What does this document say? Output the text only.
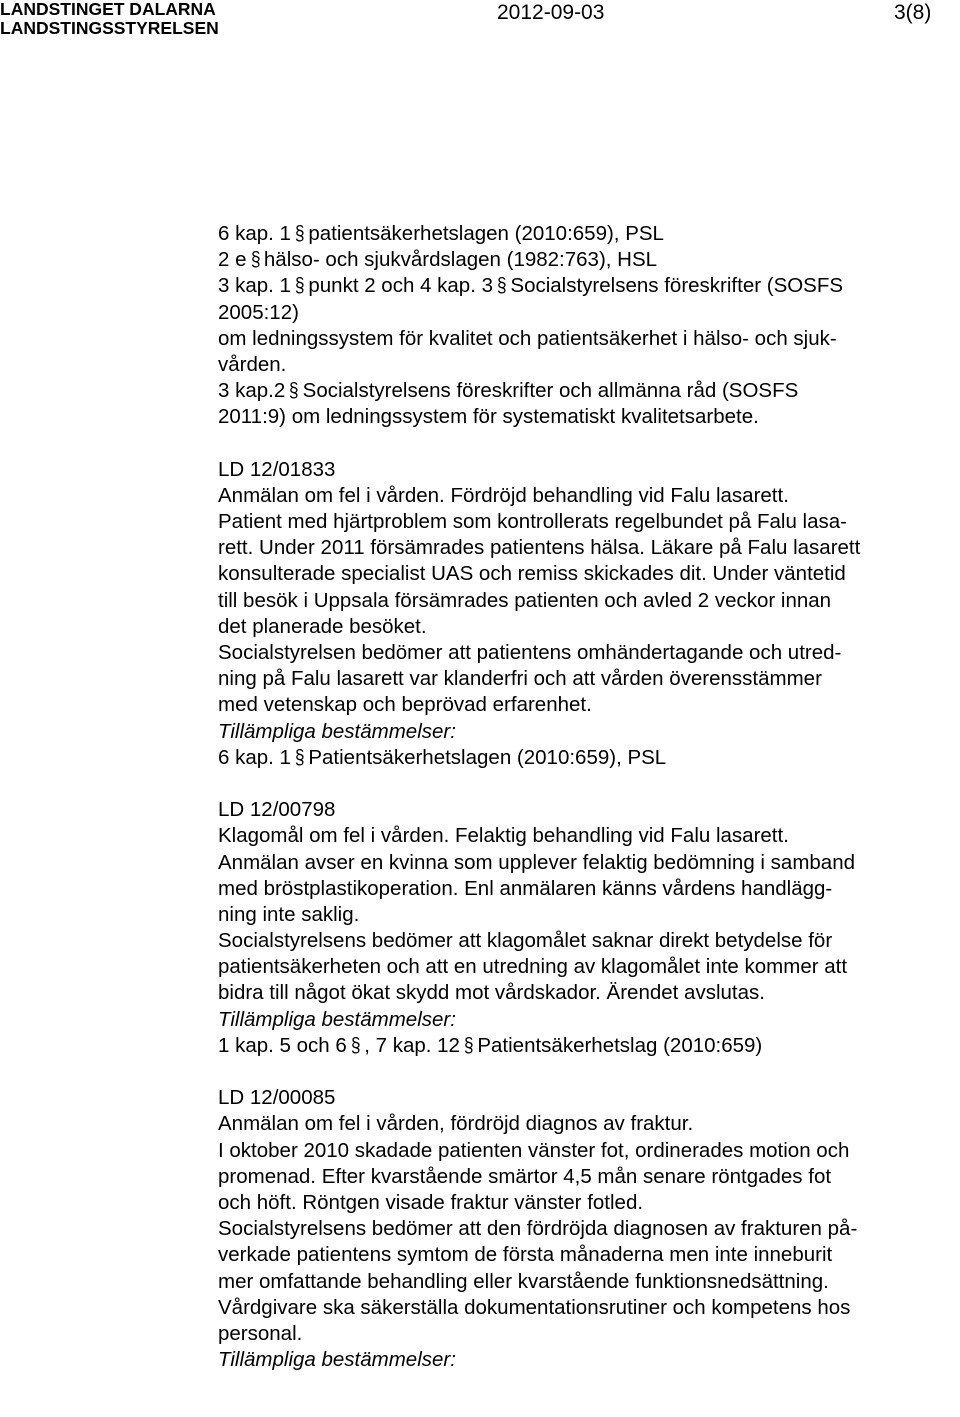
LANDSTINGET DALARNA
LANDSTINGSSTYRELSEN
2012-09-03	3(8)
6 kap. 1 § patientsäkerhetslagen (2010:659), PSL
2 e § hälso- och sjukvårdslagen (1982:763), HSL
3 kap. 1 § punkt 2 och 4 kap. 3 § Socialstyrelsens föreskrifter (SOSFS
2005:12)
om ledningssystem för kvalitet och patientsäkerhet i hälso- och sjuk-
vården.
3 kap.2 § Socialstyrelsens föreskrifter och allmänna råd (SOSFS
2011:9) om ledningssystem för systematiskt kvalitetsarbete.
LD 12/01833
Anmälan om fel i vården. Fördröjd behandling vid Falu lasarett.
Patient med hjärtproblem som kontrollerats regelbundet på Falu lasa-
rett. Under 2011 försämrades patientens hälsa. Läkare på Falu lasarett
konsulterade specialist UAS och remiss skickades dit. Under väntetid
till besök i Uppsala försämrades patienten och avled 2 veckor innan
det planerade besöket.
Socialstyrelsen bedömer att patientens omhändertagande och utred-
ning på Falu lasarett var klanderfri och att vården överensstämmer
med vetenskap och beprövad erfarenhet.
Tillämpliga bestämmelser:
6 kap. 1 § Patientsäkerhetslagen (2010:659), PSL
LD 12/00798
Klagomål om fel i vården. Felaktig behandling vid Falu lasarett.
Anmälan avser en kvinna som upplever felaktig bedömning i samband
med bröstplastikoperation. Enl anmälaren känns vårdens handlägg-
ning inte saklig.
Socialstyrelsens bedömer att klagomålet saknar direkt betydelse för
patientsäkerheten och att en utredning av klagomålet inte kommer att
bidra till något ökat skydd mot vårdskador. Ärendet avslutas.
Tillämpliga bestämmelser:
1 kap. 5 och 6 § , 7 kap. 12 § Patientsäkerhetslag (2010:659)
LD 12/00085
Anmälan om fel i vården, fördröjd diagnos av fraktur.
I oktober 2010 skadade patienten vänster fot, ordinerades motion och
promenad. Efter kvarstående smärtor 4,5 mån senare röntgades fot
och höft. Röntgen visade fraktur vänster fotled.
Socialstyrelsens bedömer att den fördröjda diagnosen av frakturen på-
verkade patientens symtom de första månaderna men inte inneburit
mer omfattande behandling eller kvarstående funktionsnedsättning.
Vårdgivare ska säkerställa dokumentationsrutiner och kompetens hos
personal.
Tillämpliga bestämmelser:
